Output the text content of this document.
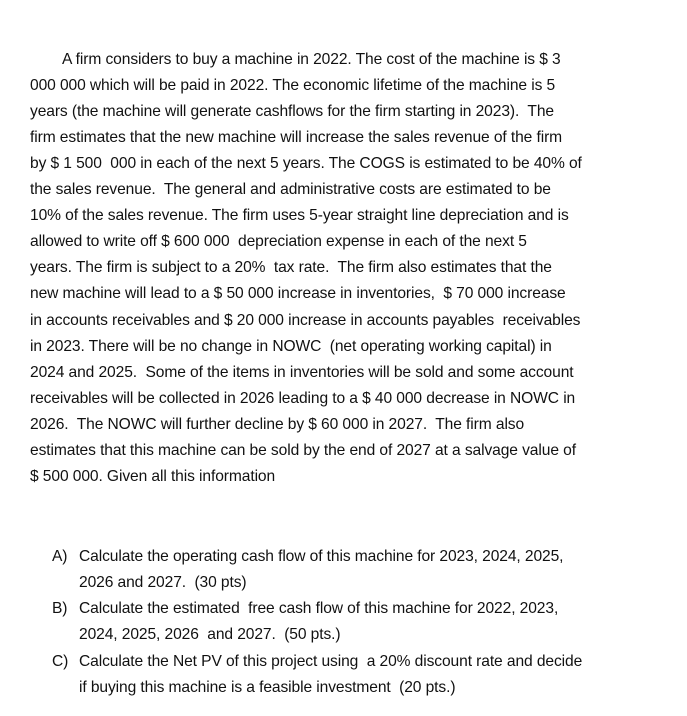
A firm considers to buy a machine in 2022. The cost of the machine is $ 3
000 000 which will be paid in 2022. The economic lifetime of the machine is 5
years (the machine will generate cashflows for the firm starting in 2023).  The
firm estimates that the new machine will increase the sales revenue of the firm
by $ 1 500  000 in each of the next 5 years. The COGS is estimated to be 40% of
the sales revenue.  The general and administrative costs are estimated to be
10% of the sales revenue. The firm uses 5-year straight line depreciation and is
allowed to write off $ 600 000  depreciation expense in each of the next 5
years. The firm is subject to a 20%  tax rate.  The firm also estimates that the
new machine will lead to a $ 50 000 increase in inventories,  $ 70 000 increase
in accounts receivables and $ 20 000 increase in accounts payables  receivables
in 2023. There will be no change in NOWC  (net operating working capital) in
2024 and 2025.  Some of the items in inventories will be sold and some account
receivables will be collected in 2026 leading to a $ 40 000 decrease in NOWC in
2026.  The NOWC will further decline by $ 60 000 in 2027.  The firm also
estimates that this machine can be sold by the end of 2027 at a salvage value of
$ 500 000. Given all this information
A) Calculate the operating cash flow of this machine for 2023, 2024, 2025,
2026 and 2027.  (30 pts)
B) Calculate the estimated  free cash flow of this machine for 2022, 2023,
2024, 2025, 2026  and 2027.  (50 pts.)
C) Calculate the Net PV of this project using  a 20% discount rate and decide
if buying this machine is a feasible investment  (20 pts.)
